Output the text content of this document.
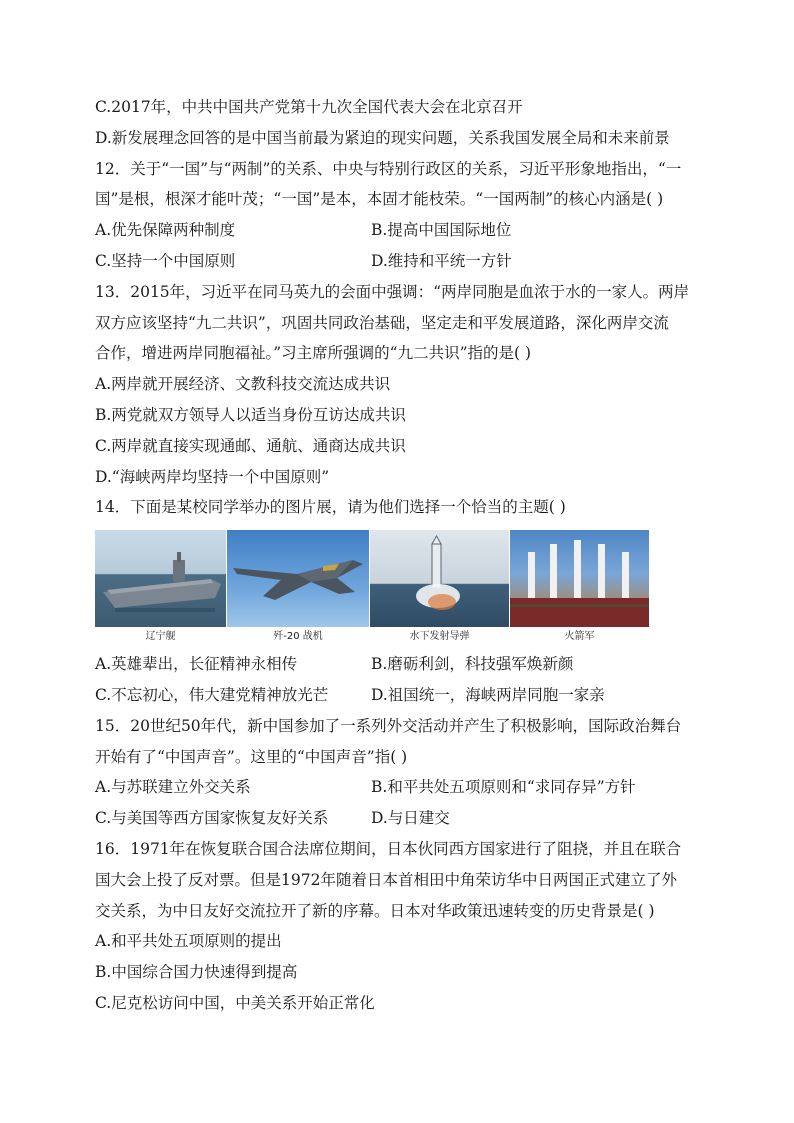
C.2017年，中共中国共产党第十九次全国代表大会在北京召开
D.新发展理念回答的是中国当前最为紧迫的现实问题，关系我国发展全局和未来前景
12．关于“一国”与“两制”的关系、中央与特别行政区的关系，习近平形象地指出，“一
国”是根，根深才能叶茂；“一国”是本，本固才能枝荣。“一国两制”的核心内涵是( )
A.优先保障两种制度	B.提高中国国际地位
C.坚持一个中国原则	D.维持和平统一方针
13．2015年，习近平在同马英九的会面中强调：“两岸同胞是血浓于水的一家人。两岸
双方应该坚持“九二共识”，巩固共同政治基础，坚定走和平发展道路，深化两岸交流
合作，增进两岸同胞福祉。”习主席所强调的“九二共识”指的是( )
A.两岸就开展经济、文教科技交流达成共识
B.两党就双方领导人以适当身份互访达成共识
C.两岸就直接实现通邮、通航、通商达成共识
D.“海峡两岸均坚持一个中国原则”
14．下面是某校同学举办的图片展，请为他们选择一个恰当的主题( )
辽宁舰	歼-20 战机	水下发射导弹	火箭军
A.英雄辈出，长征精神永相传	B.磨砺利剑，科技强军焕新颜
C.不忘初心，伟大建党精神放光芒	D.祖国统一，海峡两岸同胞一家亲
15．20世纪50年代，新中国参加了一系列外交活动并产生了积极影响，国际政治舞台
开始有了“中国声音”。这里的“中国声音”指( )
A.与苏联建立外交关系	B.和平共处五项原则和“求同存异”方针
C.与美国等西方国家恢复友好关系	D.与日建交
16．1971年在恢复联合国合法席位期间，日本伙同西方国家进行了阻挠，并且在联合
国大会上投了反对票。但是1972年随着日本首相田中角荣访华中日两国正式建立了外
交关系，为中日友好交流拉开了新的序幕。日本对华政策迅速转变的历史背景是( )
A.和平共处五项原则的提出
B.中国综合国力快速得到提高
C.尼克松访问中国，中美关系开始正常化
